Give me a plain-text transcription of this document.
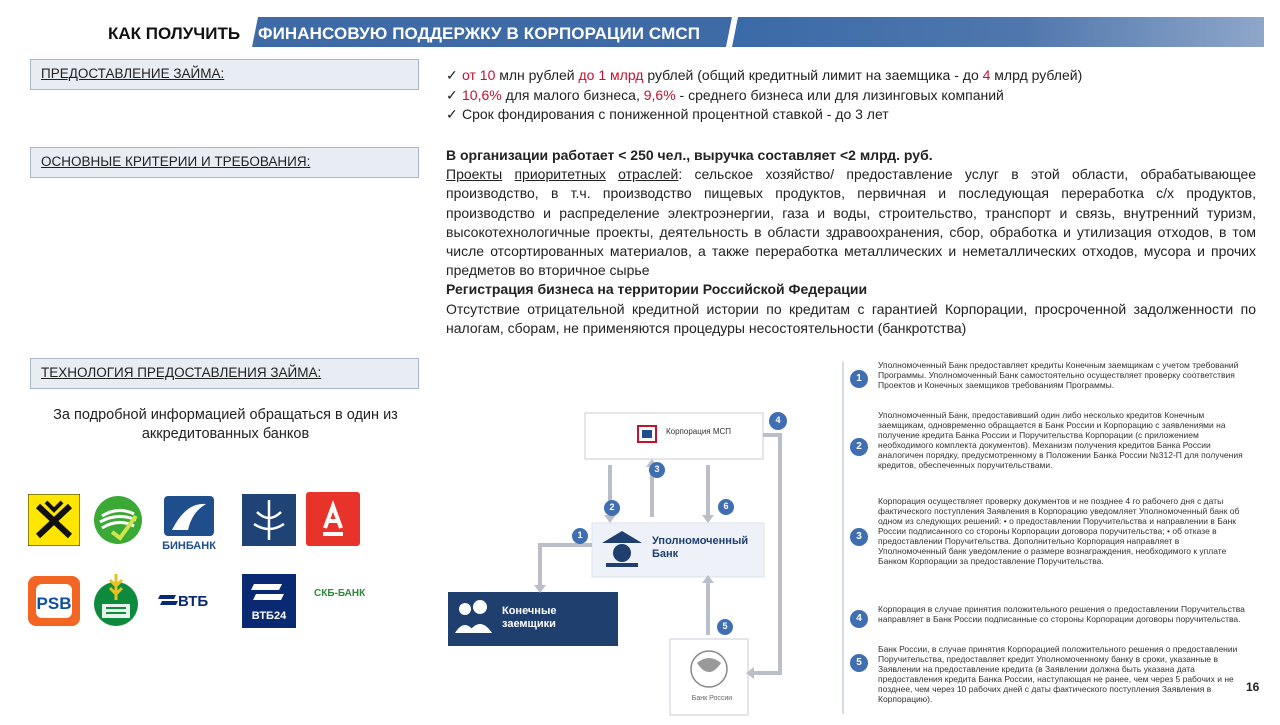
КАК ПОЛУЧИТЬ ФИНАНСОВУЮ ПОДДЕРЖКУ В КОРПОРАЦИИ СМСП
ПРЕДОСТАВЛЕНИЕ ЗАЙМА:
ОСНОВНЫЕ КРИТЕРИИ И ТРЕБОВАНИЯ:
ТЕХНОЛОГИЯ ПРЕДОСТАВЛЕНИЯ ЗАЙМА:
За подробной информацией обращаться в один из аккредитованных банков
✓ от 10 млн рублей до 1 млрд рублей (общий кредитный лимит на заемщика - до 4 млрд рублей)
✓ 10,6% для малого бизнеса, 9,6% - среднего бизнеса или для лизинговых компаний
✓ Срок фондирования с пониженной процентной ставкой - до 3 лет

В организации работает < 250 чел., выручка составляет <2 млрд. руб.

Проекты приоритетных отраслей: сельское хозяйство/ предоставление услуг в этой области, обрабатывающее производство, в т.ч. производство пищевых продуктов, первичная и последующая переработка с/х продуктов, производство и распределение электроэнергии, газа и воды, строительство, транспорт и связь, внутренний туризм, высокотехнологичные проекты, деятельность в области здравоохранения, сбор, обработка и утилизация отходов, в том числе отсортированных материалов, а также переработка металлических и неметаллических отходов, мусора и прочих предметов во вторичное сырье

Регистрация бизнеса на территории Российской Федерации

Отсутствие отрицательной кредитной истории по кредитам с гарантией Корпорации, просроченной задолженности по налогам, сборам, не применяются процедуры несостоятельности (банкротства)

БИНБАНК
PSB	ВТБ
ВТБ24
СКБ-БАНК
Корпорация МСП
Уполномоченный Банк
Конечные заемщики
Банк России
1
2
3
4
5
6
1
Уполномоченный Банк предоставляет кредиты Конечным заемщикам с учетом требований Программы. Уполномоченный Банк самостоятельно осуществляет проверку соответствия Проектов и Конечных заемщиков требованиям Программы.
2
Уполномоченный Банк, предоставивший один либо несколько кредитов Конечным заемщикам, одновременно обращается в Банк России и Корпорацию с заявлениями на получение кредита Банка России и Поручительства Корпорации (с приложением необходимого комплекта документов). Механизм получения кредитов Банка России аналогичен порядку, предусмотренному в Положении Банка России №312-П для получения кредитов, обеспеченных поручительствами.
3
Корпорация осуществляет проверку документов и не позднее 4 го рабочего дня с даты фактического поступления Заявления в Корпорацию уведомляет Уполномоченный банк об одном из следующих решений: • о предоставлении Поручительства и направлении в Банк России подписанного со стороны Корпорации договора поручительства; • об отказе в предоставлении Поручительства. Дополнительно Корпорация направляет в Уполномоченный банк уведомление о размере вознаграждения, необходимого к уплате Банком Корпорации за предоставление Поручительства.
4
Корпорация в случае принятия положительного решения о предоставлении Поручительства направляет в Банк России подписанные со стороны Корпорации договоры поручительства.
5
Банк России, в случае принятия Корпорацией положительного решения о предоставлении Поручительства, предоставляет кредит Уполномоченному банку в сроки, указанные в Заявлении на предоставление кредита (в Заявлении должна быть указана дата предоставления кредита Банка России, наступающая не ранее, чем через 5 рабочих и не позднее, чем через 10 рабочих дней с даты фактического поступления Заявления в Корпорацию).
16
